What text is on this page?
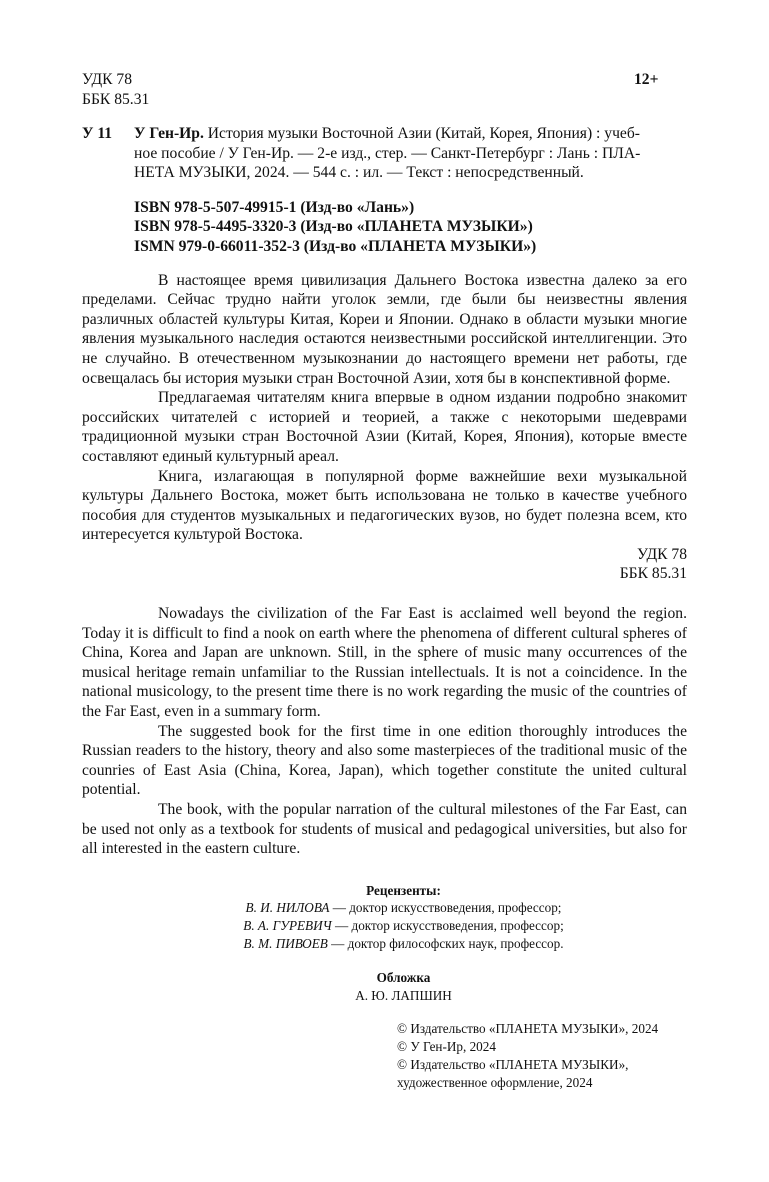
УДК 78
ББК 85.31
12+
У 11 У Ген-Ир. История музыки Восточной Азии (Китай, Корея, Япония) : учеб-
ное пособие / У Ген-Ир. — 2-е изд., стер. — Санкт-Петербург : Лань : ПЛА-
НЕТА МУЗЫКИ, 2024. — 544 с. : ил. — Текст : непосредственный.
ISBN 978-5-507-49915-1 (Изд-во «Лань»)
ISBN 978-5-4495-3320-3 (Изд-во «ПЛАНЕТА МУЗЫКИ»)
ISMN 979-0-66011-352-3 (Изд-во «ПЛАНЕТА МУЗЫКИ»)

В настоящее время цивилизация Дальнего Востока известна далеко за его пределами. Сейчас трудно найти уголок земли, где были бы неизвестны явления различных областей культуры Китая, Кореи и Японии. Однако в области музыки многие явления музыкального наследия остаются неизвестными российской интеллигенции. Это не случайно. В отечественном музыкознании до настоящего времени нет работы, где освещалась бы история музыки стран Восточной Азии, хотя бы в конспективной форме.

Предлагаемая читателям книга впервые в одном издании подробно знакомит российских читателей с историей и теорией, а также с некоторыми шедеврами традиционной музыки стран Восточной Азии (Китай, Корея, Япония), которые вместе составляют единый культурный ареал.

Книга, излагающая в популярной форме важнейшие вехи музыкальной культуры Дальнего Востока, может быть использована не только в качестве учебного пособия для студентов музыкальных и педагогических вузов, но будет полезна всем, кто интересуется культурой Востока.

УДК 78
ББК 85.31

Nowadays the civilization of the Far East is acclaimed well beyond the region. Today it is difficult to find a nook on earth where the phenomena of different cultural spheres of China, Korea and Japan are unknown. Still, in the sphere of music many occurrences of the musical heritage remain unfamiliar to the Russian intellectuals. It is not a coincidence. In the national musicology, to the present time there is no work regarding the music of the countries of the Far East, even in a summary form.

The suggested book for the first time in one edition thoroughly introduces the Russian readers to the history, theory and also some masterpieces of the traditional music of the counries of East Asia (China, Korea, Japan), which together constitute the united cultural potential.

The book, with the popular narration of the cultural milestones of the Far East, can be used not only as a textbook for students of musical and pedagogical universities, but also for all interested in the eastern culture.

Рецензенты:
В. И. НИЛОВА — доктор искусствоведения, профессор;
В. А. ГУРЕВИЧ — доктор искусствоведения, профессор;
В. М. ПИВОЕВ — доктор философских наук, профессор.
Обложка
А. Ю. ЛАПШИН
© Издательство «ПЛАНЕТА МУЗЫКИ», 2024
© У Ген-Ир, 2024
© Издательство «ПЛАНЕТА МУЗЫКИ»,
художественное оформление, 2024
